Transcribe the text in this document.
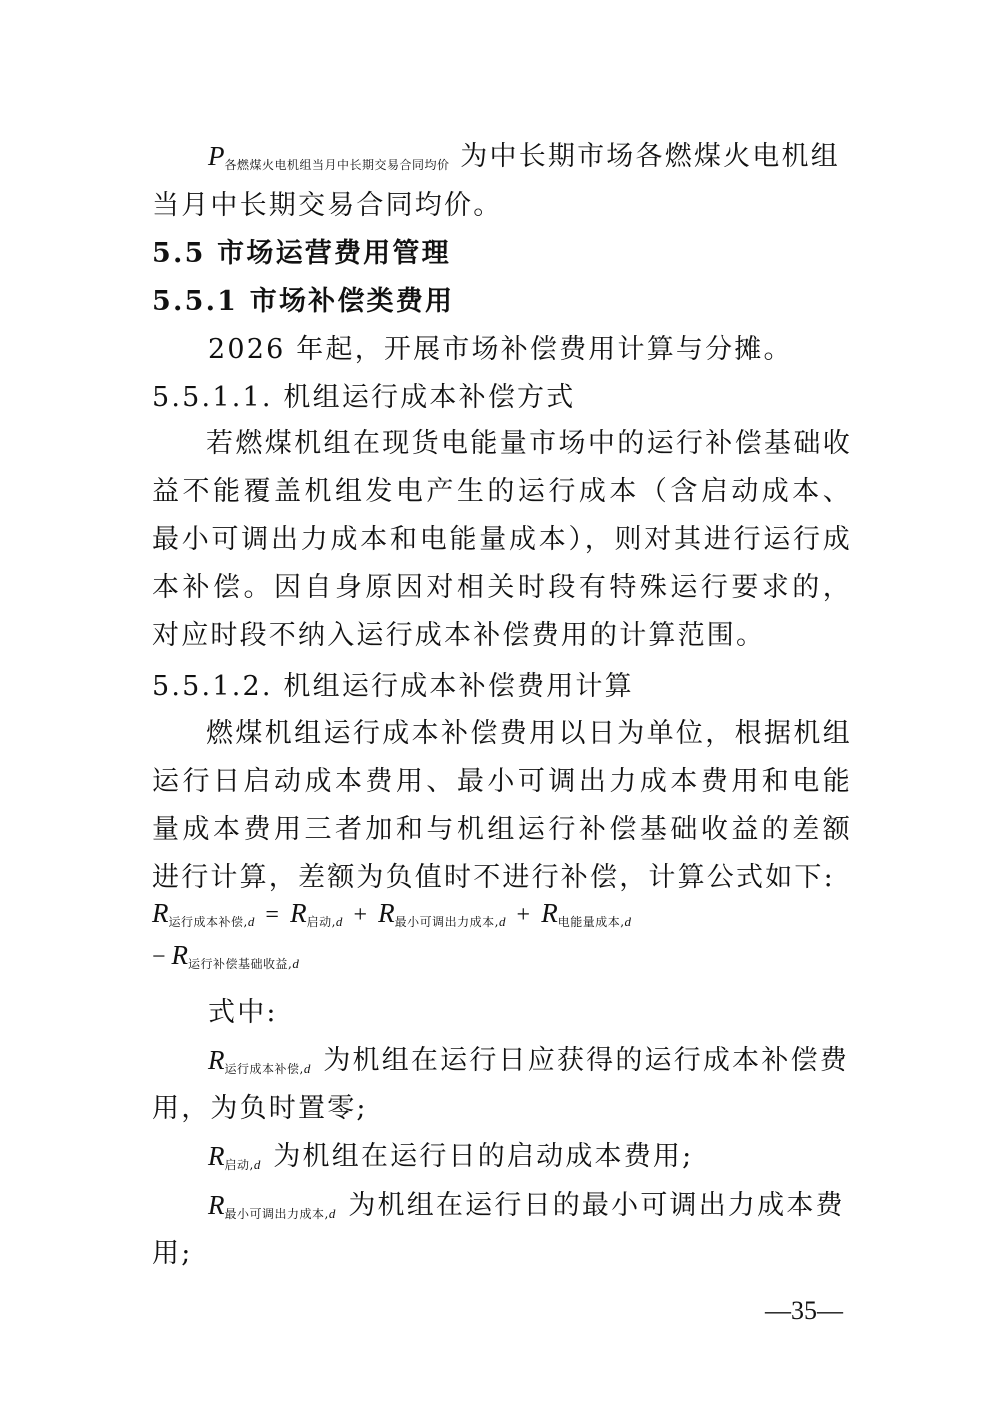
$P_{各燃煤火电机组当月中长期交易合同均价}$ 为中长期市场各燃煤火电机组
当月中长期交易合同均价。
5.5 市场运营费用管理
5.5.1 市场补偿类费用
2026 年起，开展市场补偿费用计算与分摊。
5.5.1.1. 机组运行成本补偿方式
若燃煤机组在现货电能量市场中的运行补偿基础收益不能覆盖机组发电产生的运行成本（含启动成本、最小可调出力成本和电能量成本），则对其进行运行成本补偿。因自身原因对相关时段有特殊运行要求的，对应时段不纳入运行成本补偿费用的计算范围。
5.5.1.2. 机组运行成本补偿费用计算
燃煤机组运行成本补偿费用以日为单位，根据机组运行日启动成本费用、最小可调出力成本费用和电能量成本费用三者加和与机组运行补偿基础收益的差额进行计算，差额为负值时不进行补偿，计算公式如下:
$R_{运行成本补偿,d} = R_{启动,d} + R_{最小可调出力成本,d} + R_{电能量成本,d}$
− $R_{运行补偿基础收益,d}$
式中:
$R_{运行成本补偿,}d$ 为机组在运行日应获得的运行成本补偿费
用，为负时置零;
$R_{启动,}d$ 为机组在运行日的启动成本费用;
$R_{最小可调出力成本,}d$ 为机组在运行日的最小可调出力成本费
用;
—35—
